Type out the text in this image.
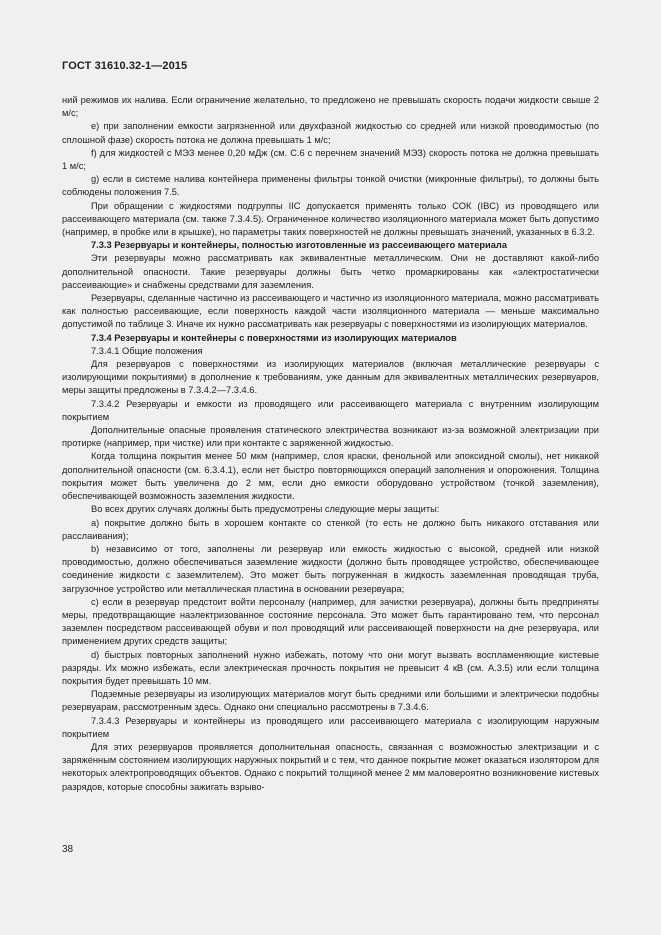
ГОСТ 31610.32-1—2015

ний режимов их налива. Если ограничение желательно, то предложено не превышать скорость подачи жидкости свыше 2 м/с;

e) при заполнении емкости загрязненной или двухфазной жидкостью со средней или низкой проводимостью (по сплошной фазе) скорость потока не должна превышать 1 м/с;

f) для жидкостей с МЭЗ менее 0,20 мДж (см. С.6 с перечнем значений МЭЗ) скорость потока не должна превышать 1 м/с;

g) если в системе налива контейнера применены фильтры тонкой очистки (микронные фильтры), то должны быть соблюдены положения 7.5.

При обращении с жидкостями подгруппы IIC допускается применять только СОК (IBC) из проводящего или рассеивающего материала (см. также 7.3.4.5). Ограниченное количество изоляционного материала может быть допустимо (например, в пробке или в крышке), но параметры таких поверхностей не должны превышать значений, указанных в 6.3.2.

7.3.3 Резервуары и контейнеры, полностью изготовленные из рассеивающего материала

Эти резервуары можно рассматривать как эквивалентные металлическим. Они не доставляют какой-либо дополнительной опасности. Такие резервуары должны быть четко промаркированы как «электростатически рассеивающие» и снабжены средствами для заземления.

Резервуары, сделанные частично из рассеивающего и частично из изоляционного материала, можно рассматривать как полностью рассеивающие, если поверхность каждой части изоляционного материала — меньше максимально допустимой по таблице 3. Иначе их нужно рассматривать как резервуары с поверхностями из изолирующих материалов.

7.3.4 Резервуары и контейнеры с поверхностями из изолирующих материалов

7.3.4.1 Общие положения

Для резервуаров с поверхностями из изолирующих материалов (включая металлические резервуары с изолирующими покрытиями) в дополнение к требованиям, уже данным для эквивалентных металлических резервуаров, меры защиты предложены в 7.3.4.2—7.3.4.6.

7.3.4.2 Резервуары и емкости из проводящего или рассеивающего материала с внутренним изолирующим покрытием

Дополнительные опасные проявления статического электричества возникают из-за возможной электризации при протирке (например, при чистке) или при контакте с заряженной жидкостью.

Когда толщина покрытия менее 50 мкм (например, слоя краски, фенольной или эпоксидной смолы), нет никакой дополнительной опасности (см. 6.3.4.1), если нет быстро повторяющихся операций заполнения и опорожнения. Толщина покрытия может быть увеличена до 2 мм, если дно емкости оборудовано устройством (точкой заземления), обеспечивающей возможность заземления жидкости.

Во всех других случаях должны быть предусмотрены следующие меры защиты:

a) покрытие должно быть в хорошем контакте со стенкой (то есть не должно быть никакого отставания или расслаивания);

b) независимо от того, заполнены ли резервуар или емкость жидкостью с высокой, средней или низкой проводимостью, должно обеспечиваться заземление жидкости (должно быть проводящее устройство, обеспечивающее соединение жидкости с заземлителем). Это может быть погруженная в жидкость заземленная проводящая труба, загрузочное устройство или металлическая пластина в основании резервуара;

c) если в резервуар предстоит войти персоналу (например, для зачистки резервуара), должны быть предприняты меры, предотвращающие наэлектризованное состояние персонала. Это может быть гарантировано тем, что персонал заземлен посредством рассеивающей обуви и пол проводящий или рассеивающей поверхности на дне резервуара, или применением других средств защиты;

d) быстрых повторных заполнений нужно избежать, потому что они могут вызвать воспламеняющие кистевые разряды. Их можно избежать, если электрическая прочность покрытия не превысит 4 кВ (см. А.3.5) или если толщина покрытия будет превышать 10 мм.

Подземные резервуары из изолирующих материалов могут быть средними или большими и электрически подобны резервуарам, рассмотренным здесь. Однако они специально рассмотрены в 7.3.4.6.

7.3.4.3 Резервуары и контейнеры из проводящего или рассеивающего материала с изолирующим наружным покрытием

Для этих резервуаров проявляется дополнительная опасность, связанная с возможностью электризации и с заряженным состоянием изолирующих наружных покрытий и с тем, что данное покрытие может оказаться изолятором для некоторых электропроводящих объектов. Однако с покрытий толщиной менее 2 мм маловероятно возникновение кистевых разрядов, которые способны зажигать взрыво-

38
